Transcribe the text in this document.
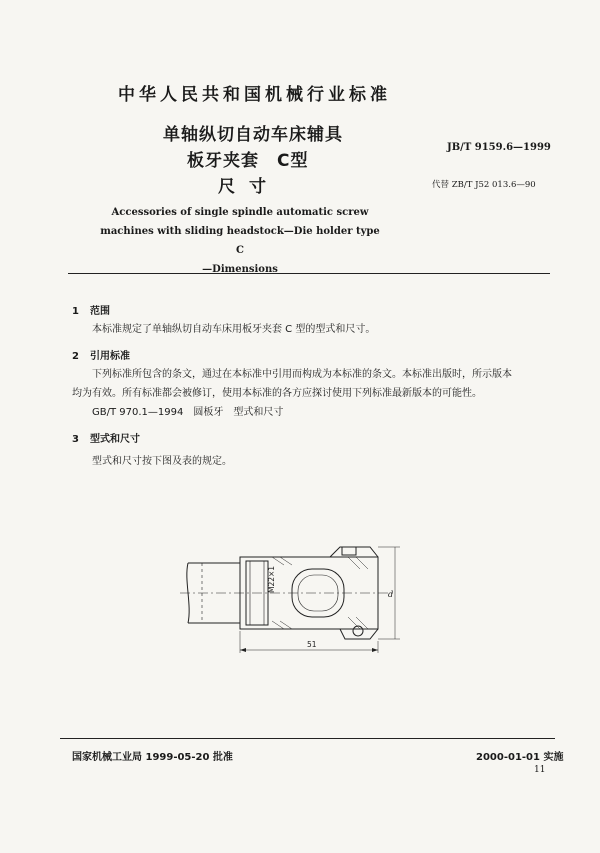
中华人民共和国机械行业标准
单轴纵切自动车床辅具
板牙夹套　C型
尺寸
JB/T 9159.6—1999
代替 ZB/T J52 013.6—90
Accessories of single spindle automatic screw
machines with sliding headstock—Die holder type C
—Dimensions
1 范围
本标准规定了单轴纵切自动车床用板牙夹套 C 型的型式和尺寸。
2 引用标准
下列标准所包含的条文，通过在本标准中引用而构成为本标准的条文。本标准出版时，所示版本
均为有效。所有标准都会被修订，使用本标准的各方应探讨使用下列标准最新版本的可能性。
GB/T 970.1—1994　圆板牙　型式和尺寸
3 型式和尺寸
型式和尺寸按下图及表的规定。
M22×1
51
d
国家机械工业局 1999-05-20 批准	2000-01-01 实施
11
